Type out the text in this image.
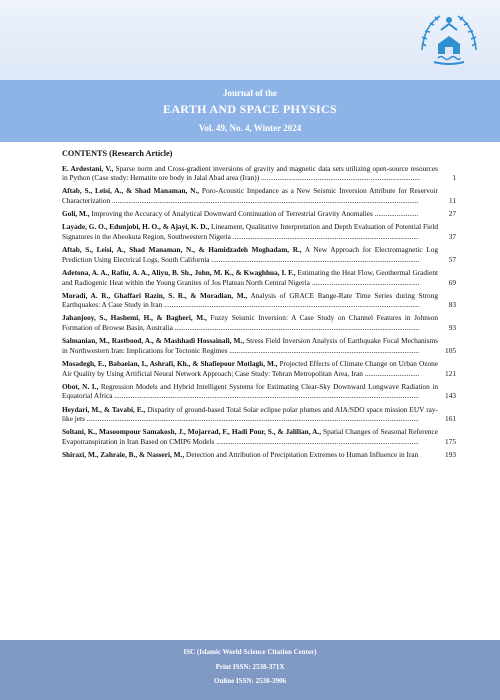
Journal of the
EARTH AND SPACE PHYSICS
Vol. 49, No. 4, Winter 2024
CONTENTS (Research Article)
E. Ardestani, V., Sparse norm and Cross-gradient inversions of gravity and magnetic data sets utilizing open-source resources in Python (Case study: Hematite ore body in Jalal Abad area (Iran)) .......................................................................................	1
Aftab, S., Leisi, A., & Shad Manaman, N., Poro-Acoustic Impedance as a New Seismic Inversion Attribute for Reservoir Characterization ........................................................................................................................................................................	11
Goli, M., Improving the Accuracy of Analytical Downward Continuation of Terrestrial Gravity Anomalies ........................	27
Layade, G. O., Edunjobi, H. O., & Ajayi, K. D., Lineament, Qualitative Interpretation and Depth Evaluation of Potential Field Signatures in the Abeokuta Region, Southwestern Nigeria ......................................................................................................	37
Aftab, S., Leisi, A., Shad Manaman, N., & Hamidzadeh Moghadam, R., A New Approach for Electromagnetic Log Prediction Using Electrical Logs, South California ..................................................................................................................	57
Adetona, A. A., Rafiu, A. A., Aliyu, B. Sh., John, M. K., & Kwaghhua, I. F., Estimating the Heat Flow, Geothermal Gradient and Radiogenic Heat within the Young Granites of Jos Plateau North Central Nigeria ...........................................................	69
Moradi, A. R., Ghaffari Razin, S. R., & Moradian, M., Analysis of GRACE Range-Rate Time Series during Strong Earthquakes: A Case Study in Iran ............................................................................................................................................	83
Jahanjooy, S., Hashemi, H., & Bagheri, M., Fuzzy Seismic Inversion: A Case Study on Channel Features in Johnson Formation of Browse Basin, Australia ......................................................................................................................................	93
Salmanian, M., Rastbood, A., & Mashhadi Hossainali, M., Stress Field Inversion Analysis of Earthquake Focal Mechanisms in Northwestern Iran: Implications for Tectonic Regimes ........................................................................................................	105
Mosadegh, E., Babaeian, I., Ashrafi, Kh., & Shafiepour Motlagh, M., Projected Effects of Climate Change on Urban Ozone Air Quality by Using Artificial Neural Network Approach; Case Study: Tehran Metropolitan Area, Iran ..............................	121
Obot, N. I., Regression Models and Hybrid Intelligent Systems for Estimating Clear-Sky Downward Longwave Radiation in Equatorial Africa .......................................................................................................................................................................	143
Heydari, M., & Tavabi, E., Disparity of ground-based Total Solar eclipse polar plumes and AIA/SDO space mission EUV ray-like jets ......................................................................................................................................................................................	161
Soltani, K., Masoompour Samakosh, J., Mojarrad, F., Hadi Pour, S., & Jalilian, A., Spatial Changes of Seasonal Reference Evapotranspiration in Iran Based on CMIP6 Models ...............................................................................................................	175
Shirazi, M., Zahraie, B., & Nasseri, M., Detection and Attribution of Precipitation Extremes to Human Influence in Iran	193
ISC (Islamic World Science Citation Center)
Print ISSN: 2538-371X
Online ISSN: 2538-3906
